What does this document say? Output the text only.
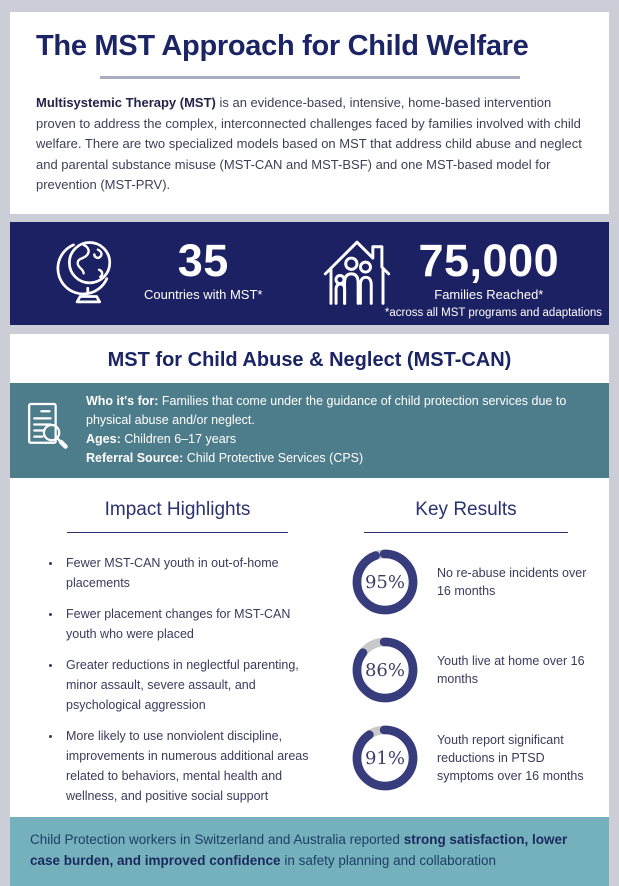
The MST Approach for Child Welfare

Multisystemic Therapy (MST) is an evidence-based, intensive, home-based intervention proven to address the complex, interconnected challenges faced by families involved with child welfare. There are two specialized models based on MST that address child abuse and neglect and parental substance misuse (MST-CAN and MST-BSF) and one MST-based model for prevention (MST-PRV).

35
Countries with MST*
75,000
Families Reached*
*across all MST programs and adaptations
MST for Child Abuse & Neglect (MST-CAN)
Who it's for: Families that come under the guidance of child protection services due to physical abuse and/or neglect.
Ages: Children 6–17 years
Referral Source: Child Protective Services (CPS)
Impact Highlights
• Fewer MST-CAN youth in out-of-home placements
• Fewer placement changes for MST-CAN youth who were placed
• Greater reductions in neglectful parenting, minor assault, severe assault, and psychological aggression
• More likely to use nonviolent discipline, improvements in numerous additional areas related to behaviors, mental health and wellness, and positive social support
Key Results
95%	No re-abuse incidents over 16 months
86%	Youth live at home over 16 months
91%
Youth report significant reductions in PTSD symptoms over 16 months
Child Protection workers in Switzerland and Australia reported strong satisfaction, lower case burden, and improved confidence in safety planning and collaboration
